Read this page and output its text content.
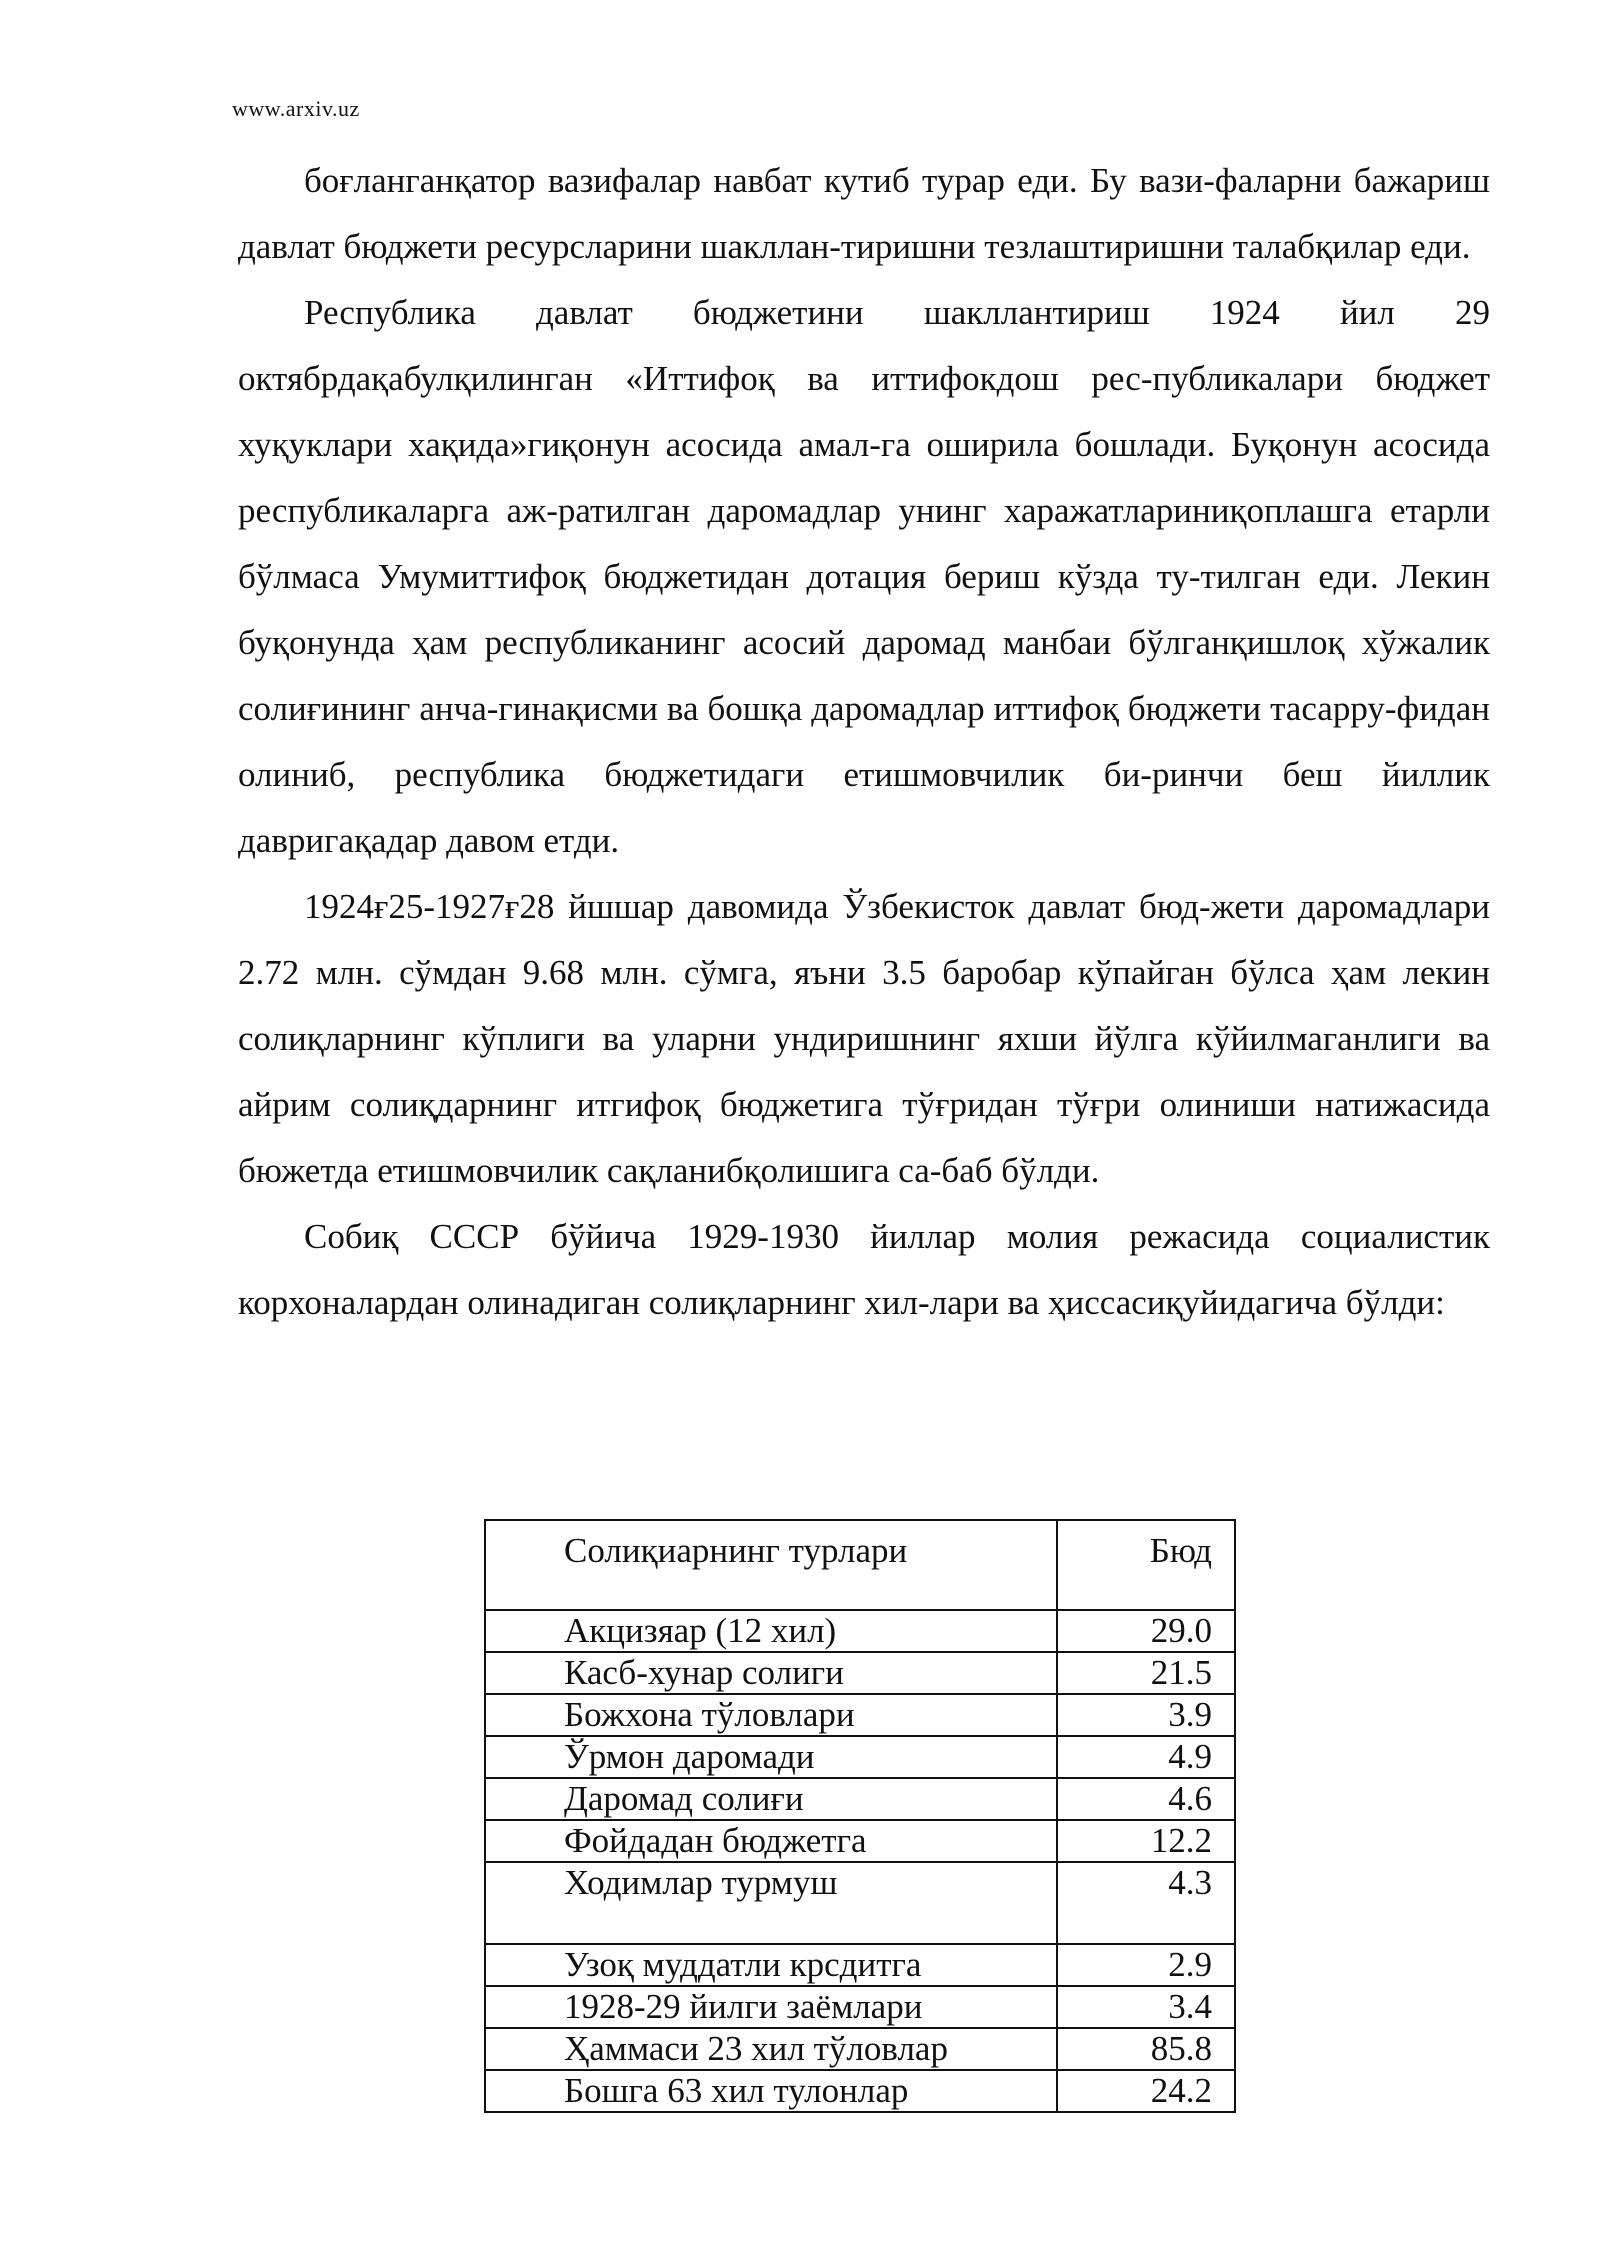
www.arxiv.uz

боғланганқатор вазифалар навбат кутиб турар еди. Бу вази-фаларни бажариш давлат бюджети ресурсларини шакллан-тиришни тезлаштиришни талабқилар еди.

Республика давлат бюджетини шакллантириш 1924 йил 29 октябрдақабулқилинган «Иттифоқ ва иттифокдош рес-публикалари бюджет хуқуклари хақида»гиқонун асосида амал-га оширила бошлади. Буқонун асосида республикаларга аж-ратилган даромадлар унинг харажатлариниқоплашга етарли бўлмаса Умумиттифоқ бюджетидан дотация бериш кўзда ту-тилган еди. Лекин буқонунда ҳам республиканинг асосий даромад манбаи бўлганқишлоқ хўжалик солиғининг анча-гинақисми ва бошқа даромадлар иттифоқ бюджети тасарру-фидан олиниб, республика бюджетидаги етишмовчилик би-ринчи беш йиллик давригақадар давом етди.

1924ғ25-1927ғ28 йшшар давомида Ўзбекисток давлат бюд-жети даромадлари 2.72 млн. сўмдан 9.68 млн. сўмга, яъни 3.5 баробар кўпайган бўлса ҳам лекин солиқларнинг кўплиги ва уларни ундиришнинг яхши йўлга кўйилмаганлиги ва айрим солиқдарнинг итгифоқ бюджетига тўғридан тўғри олиниши натижасида бюжетда етишмовчилик сақланибқолишига са-баб бўлди.

Собиқ СССР бўйича 1929-1930 йиллар молия режасида социалистик корхоналардан олинадиган солиқларнинг хил-лари ва ҳиссасиқуйидагича бўлди:

Солиқиарнинг турлари	Бюд
Акцизяар (12 хил)	29.0
Касб-хунар солиги	21.5
Божхона тўловлари	3.9
Ўрмон даромади	4.9
Даромад солиғи	4.6
Фойдадан бюджетга	12.2
Ходимлар турмуш	4.3
Узоқ муддатли крсдитга	2.9
1928-29 йилги заёмлари	3.4
Ҳаммаси 23 хил тўловлар	85.8
Бошга 63 хил тулонлар	24.2
